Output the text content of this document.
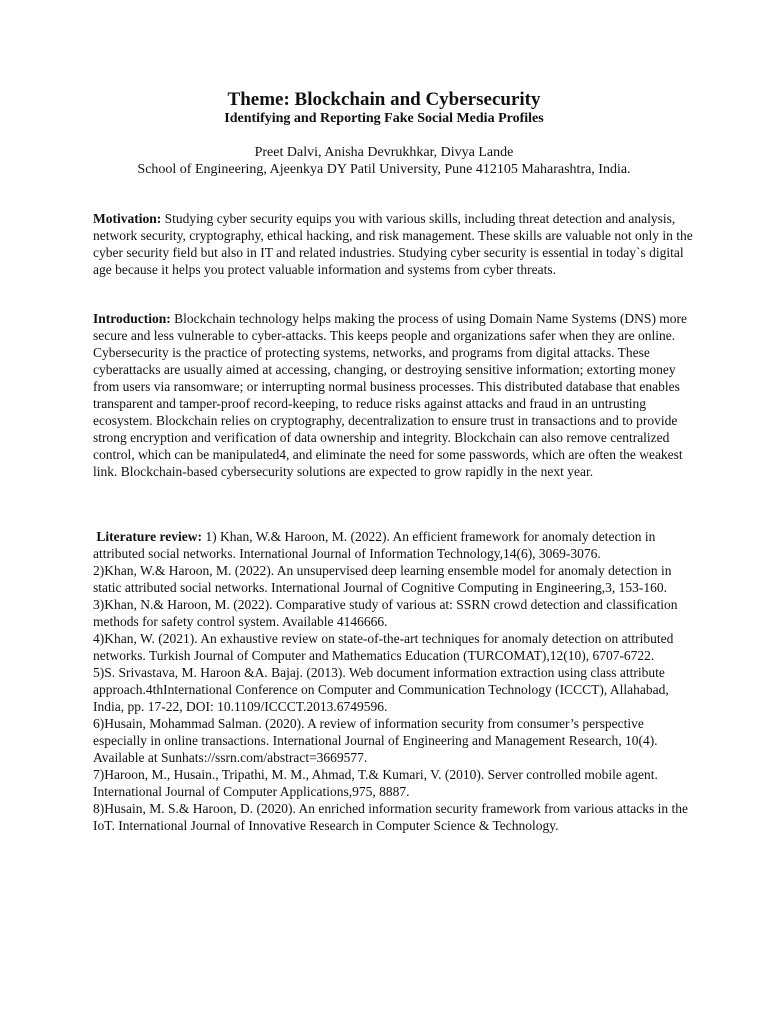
Theme: Blockchain and Cybersecurity
Identifying and Reporting Fake Social Media Profiles
Preet Dalvi, Anisha Devrukhkar, Divya Lande
School of Engineering, Ajeenkya DY Patil University, Pune 412105 Maharashtra, India.
Motivation: Studying cyber security equips you with various skills, including threat detection and analysis, network security, cryptography, ethical hacking, and risk management. These skills are valuable not only in the cyber security field but also in IT and related industries. Studying cyber security is essential in today`s digital age because it helps you protect valuable information and systems from cyber threats.
Introduction: Blockchain technology helps making the process of using Domain Name Systems (DNS) more secure and less vulnerable to cyber-attacks. This keeps people and organizations safer when they are online. Cybersecurity is the practice of protecting systems, networks, and programs from digital attacks. These cyberattacks are usually aimed at accessing, changing, or destroying sensitive information; extorting money from users via ransomware; or interrupting normal business processes. This distributed database that enables transparent and tamper-proof record-keeping, to reduce risks against attacks and fraud in an untrusting ecosystem. Blockchain relies on cryptography, decentralization to ensure trust in transactions and to provide strong encryption and verification of data ownership and integrity. Blockchain can also remove centralized control, which can be manipulated4, and eliminate the need for some passwords, which are often the weakest link. Blockchain-based cybersecurity solutions are expected to grow rapidly in the next year.
Literature review: 1) Khan, W.& Haroon, M. (2022). An efficient framework for anomaly detection in attributed social networks. International Journal of Information Technology,14(6), 3069-3076.
2)Khan, W.& Haroon, M. (2022). An unsupervised deep learning ensemble model for anomaly detection in static attributed social networks. International Journal of Cognitive Computing in Engineering,3, 153-160.
3)Khan, N.& Haroon, M. (2022). Comparative study of various at: SSRN crowd detection and classification methods for safety control system. Available 4146666.
4)Khan, W. (2021). An exhaustive review on state-of-the-art techniques for anomaly detection on attributed networks. Turkish Journal of Computer and Mathematics Education (TURCOMAT),12(10), 6707-6722.
5)S. Srivastava, M. Haroon &A. Bajaj. (2013). Web document information extraction using class attribute approach.4thInternational Conference on Computer and Communication Technology (ICCCT), Allahabad, India, pp. 17-22, DOI: 10.1109/ICCCT.2013.6749596.
6)Husain, Mohammad Salman. (2020). A review of information security from consumer’s perspective especially in online transactions. International Journal of Engineering and Management Research, 10(4). Available at Sunhats://ssrn.com/abstract=3669577.
7)Haroon, M., Husain., Tripathi, M. M., Ahmad, T.& Kumari, V. (2010). Server controlled mobile agent. International Journal of Computer Applications,975, 8887.
8)Husain, M. S.& Haroon, D. (2020). An enriched information security framework from various attacks in the IoT. International Journal of Innovative Research in Computer Science & Technology.
